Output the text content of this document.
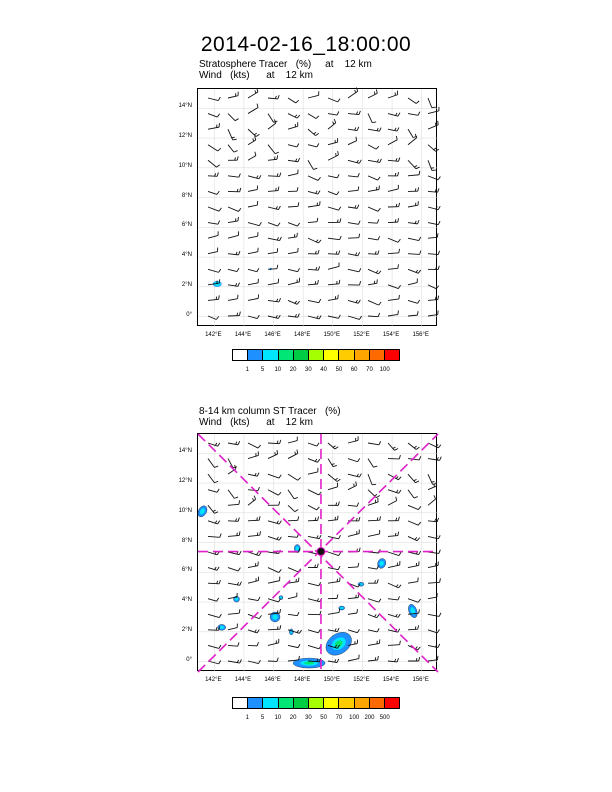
2014-02-16_18:00:00
Stratosphere Tracer   (%)     at    12 km
Wind   (kts)      at    12 km
0°
2°N
4°N
6°N
8°N
10°N
12°N
14°N
142°E	144°E	146°E	148°E	150°E	152°E	154°E	156°E
1 5 10 20 30 40 50 60 70 100
8-14 km column ST Tracer   (%)
Wind   (kts)      at    12 km
0°
2°N
4°N
6°N
8°N
10°N
12°N
14°N
142°E	144°E	146°E	148°E	150°E	152°E	154°E	156°E
1 5 10 20 30 50 70 100 200 500
